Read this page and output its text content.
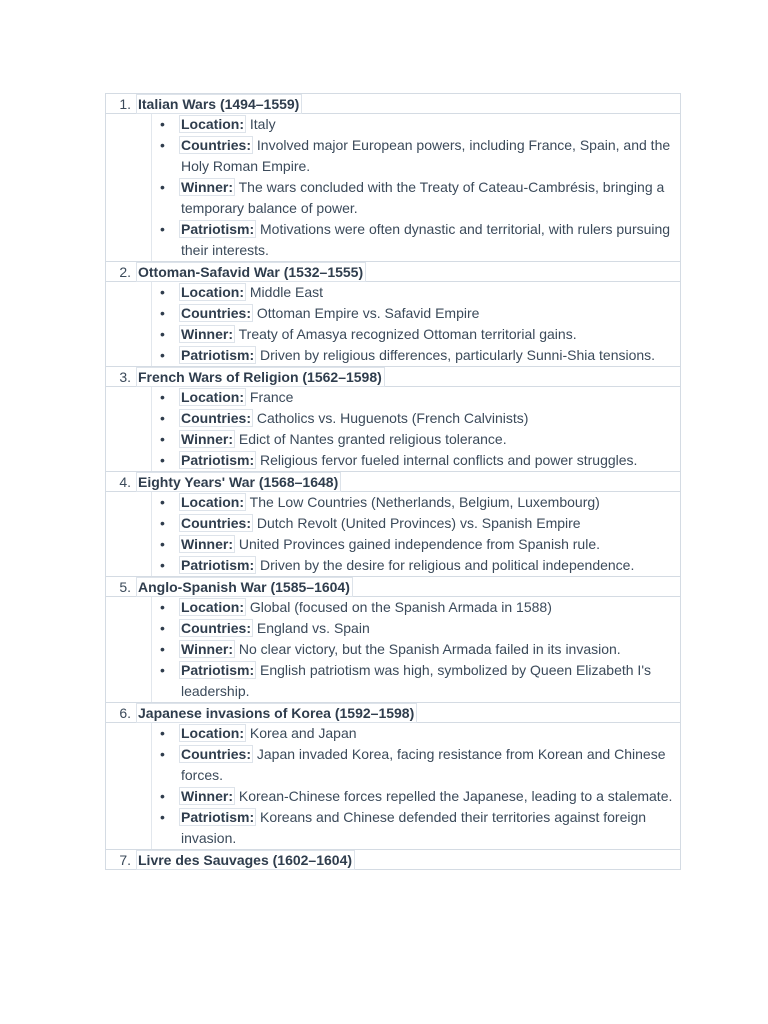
1. Italian Wars (1494–1559)
• Location: Italy
• Countries: Involved major European powers, including France, Spain, and the Holy Roman Empire.
• Winner: The wars concluded with the Treaty of Cateau-Cambrésis, bringing a temporary balance of power.
• Patriotism: Motivations were often dynastic and territorial, with rulers pursuing their interests.
2. Ottoman-Safavid War (1532–1555)
• Location: Middle East
• Countries: Ottoman Empire vs. Safavid Empire
• Winner: Treaty of Amasya recognized Ottoman territorial gains.
• Patriotism: Driven by religious differences, particularly Sunni-Shia tensions.
3. French Wars of Religion (1562–1598)
• Location: France
• Countries: Catholics vs. Huguenots (French Calvinists)
• Winner: Edict of Nantes granted religious tolerance.
• Patriotism: Religious fervor fueled internal conflicts and power struggles.
4. Eighty Years' War (1568–1648)
• Location: The Low Countries (Netherlands, Belgium, Luxembourg)
• Countries: Dutch Revolt (United Provinces) vs. Spanish Empire
• Winner: United Provinces gained independence from Spanish rule.
• Patriotism: Driven by the desire for religious and political independence.
5. Anglo-Spanish War (1585–1604)
• Location: Global (focused on the Spanish Armada in 1588)
• Countries: England vs. Spain
• Winner: No clear victory, but the Spanish Armada failed in its invasion.
• Patriotism: English patriotism was high, symbolized by Queen Elizabeth I's leadership.
6. Japanese invasions of Korea (1592–1598)
• Location: Korea and Japan
• Countries: Japan invaded Korea, facing resistance from Korean and Chinese forces.
• Winner: Korean-Chinese forces repelled the Japanese, leading to a stalemate.
• Patriotism: Koreans and Chinese defended their territories against foreign invasion.
7. Livre des Sauvages (1602–1604)
